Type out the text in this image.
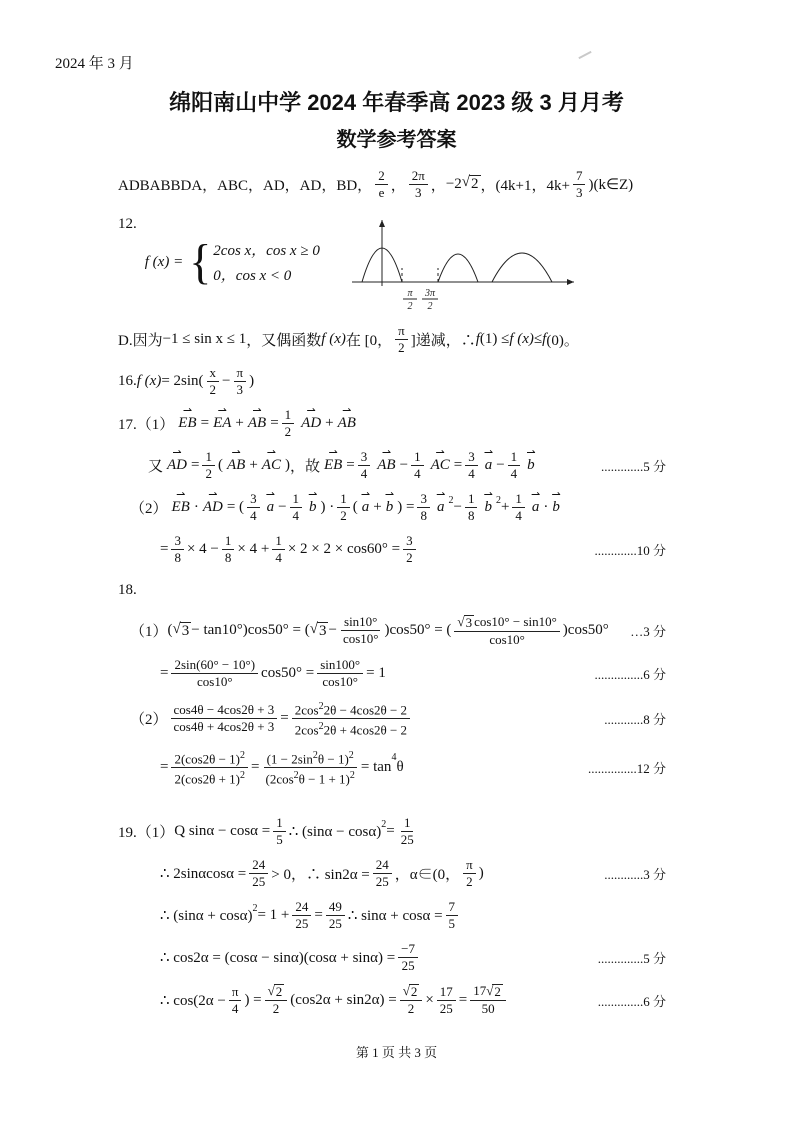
2024 年 3 月
绵阳南山中学 2024 年春季高 2023 级 3 月月考
数学参考答案
ADBABBDA，ABC，AD，AD，BD， $\frac{2}{e}$ ， $\frac{2\pi}{3}$ ， −2 √ 2 ， (4k+1，$4k+ \frac{7}{3}$ )(k∈Z)
12.
f (x) = { 2cos x，cos x ≥ 0
0，cos x < 0
π
2
3π
2
D.因为 −1 ≤ sin x ≤ 1 ，又偶函数 f (x) 在 [0， $\frac{\pi}{2}$ ]递减，∴ f (1) ≤ f (x) ≤ f (0)。
16. f $(x) = 2\sin( \frac{x}{2} - \frac{\pi}{3}$ )
17.（1） ⇀ EB = ⇀ EA + ⇀ AB = $\frac{1}{2}$ ⇀ AD + ⇀ AB
又 ⇀ AD = $\frac{1}{2}$ ( ⇀ AB + ⇀ AC ) ，故 ⇀ EB = $\frac{3}{4}$ ⇀ AB − $\frac{1}{4}$ ⇀ AC = $\frac{3}{4}$ ⇀ $a - \frac{1}{4}$ ⇀ b	.............5 分
（2） ⇀ EB · ⇀ AD = ( $\frac{3}{4}$ ⇀ $a - \frac{1}{4}$ ⇀ b ) · $\frac{1}{2}$ ( ⇀ a + ⇀ b ) = $\frac{3}{8}$ ⇀ a $^2 - \frac{1}{8}$ ⇀ b $^2 + \frac{1}{4}$ ⇀ a · ⇀ b
= $\frac{3}{8} \times 4 - \frac{1}{8} \times 4 + \frac{1}{4} \times 2 \times 2 \times \cos 60^\circ = \frac{3}{2}$	.............10 分
18.
（1） ( √ 3 − tan10°)cos50° = ( √ $3 - \frac{\sin 10^\circ}{\cos 10^\circ} )\cos 50^\circ$ = ( $\frac{√ 3 \cos 10^\circ - \sin 10^\circ}{\cos 10^\circ} )\cos 50^\circ$	…3 分
= $\frac{2\sin(60^\circ - 10^\circ)}{\cos 10^\circ} \cos 50^\circ = \frac{\sin 100^\circ}{\cos 10^\circ} = 1$	...............6 分
$(2) \frac{\cos 4\theta - 4\cos 2\theta + 3}{\cos 4\theta + 4\cos 2\theta + 3} = \frac{2\cos^22\theta - 4\cos 2\theta - 2}{2\cos^22\theta + 4\cos 2\theta - 2}$	............8 分
= $\frac{2(\cos 2\theta - 1)^2}{2(\cos 2\theta + 1)^2} = \frac{(1 - 2\sin^2\theta - 1)^2}{(2\cos^2\theta - 1 + 1)^2} = \tan$
$^4$
θ	...............12 分
19.（1） Q $\sin\alpha - \cos\alpha = \frac{1}{5}$ ∴ $(\sin\alpha - \cos\alpha)^2 = \frac{1}{25}$
∴ $2\sin\alpha\cos\alpha = \frac{24}{25} > 0$，∴ $\sin 2\alpha = \frac{24}{25}$ ，α∈(0， $\frac{\pi}{2}$ )	............3 分
∴ $(\sin\alpha + \cos\alpha)^2 = 1 + \frac{24}{25} = \frac{49}{25}$ ∴ $\sin\alpha + \cos\alpha = \frac{7}{5}$
∴ $\cos 2\alpha = (\cos\alpha - \sin\alpha)(\cos\alpha + \sin\alpha) = \frac{-7}{25}$	..............5 分
∴ $\cos(2\alpha - \frac{\pi}{4}$ ) = $\frac{√ 2}{2} (\cos 2\alpha + \sin 2\alpha) = \frac{√ 2}{2} \times \frac{17}{25} = \frac{17 √ 2}{50}$	..............6 分
第 1 页 共 3 页
